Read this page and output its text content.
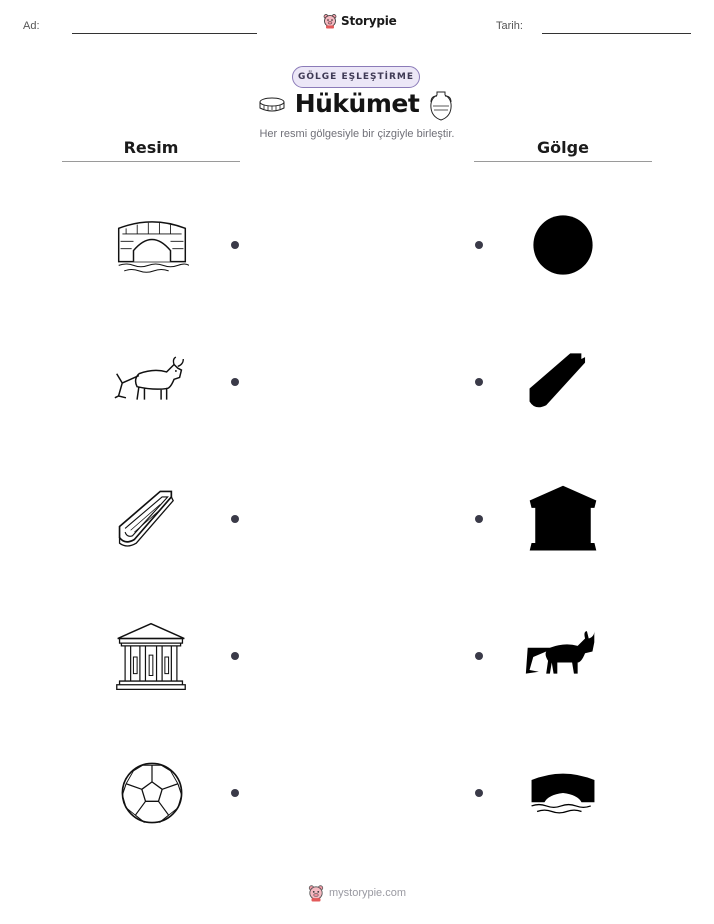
Ad:	Tarih:
Storypie
GÖLGE EŞLEŞTİRME
Hükümet
Her resmi gölgesiyle bir çizgiyle birleştir.
Resim	Gölge
mystorypie.com
